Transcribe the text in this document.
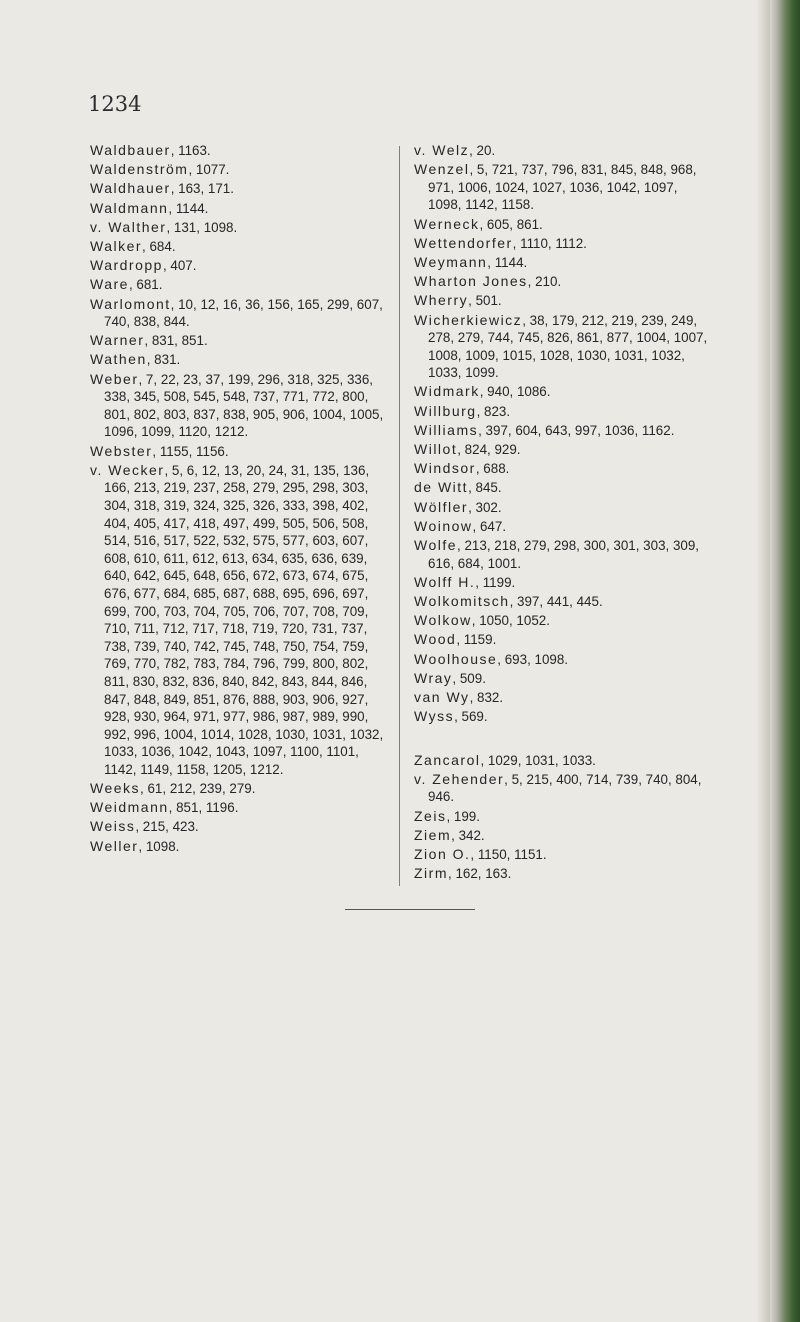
1234
Waldbauer, 1163.
Waldenström, 1077.
Waldhauer, 163, 171.
Waldmann, 1144.
v. Walther, 131, 1098.
Walker, 684.
Wardropp, 407.
Ware, 681.
Warlomont, 10, 12, 16, 36, 156, 165, 299, 607, 740, 838, 844.
Warner, 831, 851.
Wathen, 831.
Weber, 7, 22, 23, 37, 199, 296, 318, 325, 336, 338, 345, 508, 545, 548, 737, 771, 772, 800, 801, 802, 803, 837, 838, 905, 906, 1004, 1005, 1096, 1099, 1120, 1212.
Webster, 1155, 1156.
v. Wecker, 5, 6, 12, 13, 20, 24, 31, 135, 136, 166, 213, 219, 237, 258, 279, 295, 298, 303, 304, 318, 319, 324, 325, 326, 333, 398, 402, 404, 405, 417, 418, 497, 499, 505, 506, 508, 514, 516, 517, 522, 532, 575, 577, 603, 607, 608, 610, 611, 612, 613, 634, 635, 636, 639, 640, 642, 645, 648, 656, 672, 673, 674, 675, 676, 677, 684, 685, 687, 688, 695, 696, 697, 699, 700, 703, 704, 705, 706, 707, 708, 709, 710, 711, 712, 717, 718, 719, 720, 731, 737, 738, 739, 740, 742, 745, 748, 750, 754, 759, 769, 770, 782, 783, 784, 796, 799, 800, 802, 811, 830, 832, 836, 840, 842, 843, 844, 846, 847, 848, 849, 851, 876, 888, 903, 906, 927, 928, 930, 964, 971, 977, 986, 987, 989, 990, 992, 996, 1004, 1014, 1028, 1030, 1031, 1032, 1033, 1036, 1042, 1043, 1097, 1100, 1101, 1142, 1149, 1158, 1205, 1212.
Weeks, 61, 212, 239, 279.
Weidmann, 851, 1196.
Weiss, 215, 423.
Weller, 1098.
v. Welz, 20.
Wenzel, 5, 721, 737, 796, 831, 845, 848, 968, 971, 1006, 1024, 1027, 1036, 1042, 1097, 1098, 1142, 1158.
Werneck, 605, 861.
Wettendorfer, 1110, 1112.
Weymann, 1144.
Wharton Jones, 210.
Wherry, 501.
Wicherkiewicz, 38, 179, 212, 219, 239, 249, 278, 279, 744, 745, 826, 861, 877, 1004, 1007, 1008, 1009, 1015, 1028, 1030, 1031, 1032, 1033, 1099.
Widmark, 940, 1086.
Willburg, 823.
Williams, 397, 604, 643, 997, 1036, 1162.
Willot, 824, 929.
Windsor, 688.
de Witt, 845.
Wölfler, 302.
Woinow, 647.
Wolfe, 213, 218, 279, 298, 300, 301, 303, 309, 616, 684, 1001.
Wolff H., 1199.
Wolkomitsch, 397, 441, 445.
Wolkow, 1050, 1052.
Wood, 1159.
Woolhouse, 693, 1098.
Wray, 509.
van Wy, 832.
Wyss, 569.
Zancarol, 1029, 1031, 1033.
v. Zehender, 5, 215, 400, 714, 739, 740, 804, 946.
Zeis, 199.
Ziem, 342.
Zion O., 1150, 1151.
Zirm, 162, 163.
